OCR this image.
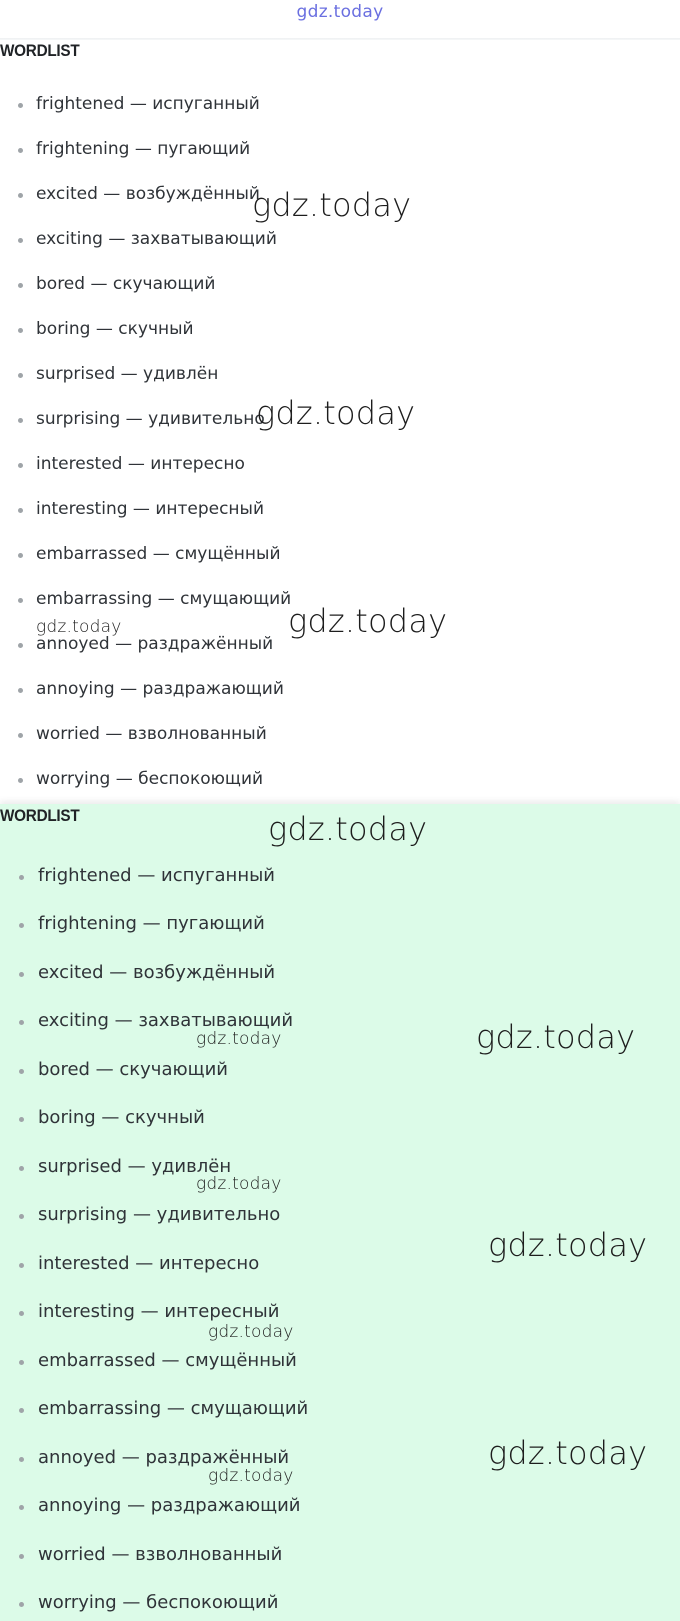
gdz.today
WORDLIST
frightened — испуганный
frightening — пугающий
excited — возбуждённый
exciting — захватывающий
bored — скучающий
boring — скучный
surprised — удивлён
surprising — удивительно
interested — интересно
interesting — интересный
embarrassed — смущённый
embarrassing — смущающий
annoyed — раздражённый
annoying — раздражающий
worried — взволнованный
worrying — беспокоющий
WORDLIST
frightened — испуганный
frightening — пугающий
excited — возбуждённый
exciting — захватывающий
bored — скучающий
boring — скучный
surprised — удивлён
surprising — удивительно
interested — интересно
interesting — интересный
embarrassed — смущённый
embarrassing — смущающий
annoyed — раздражённый
annoying — раздражающий
worried — взволнованный
worrying — беспокоющий
gdz.today
gdz.today
gdz.today	gdz.today
gdz.today
gdz.today	gdz.today
gdz.today
gdz.today
gdz.today
gdz.today
gdz.today
